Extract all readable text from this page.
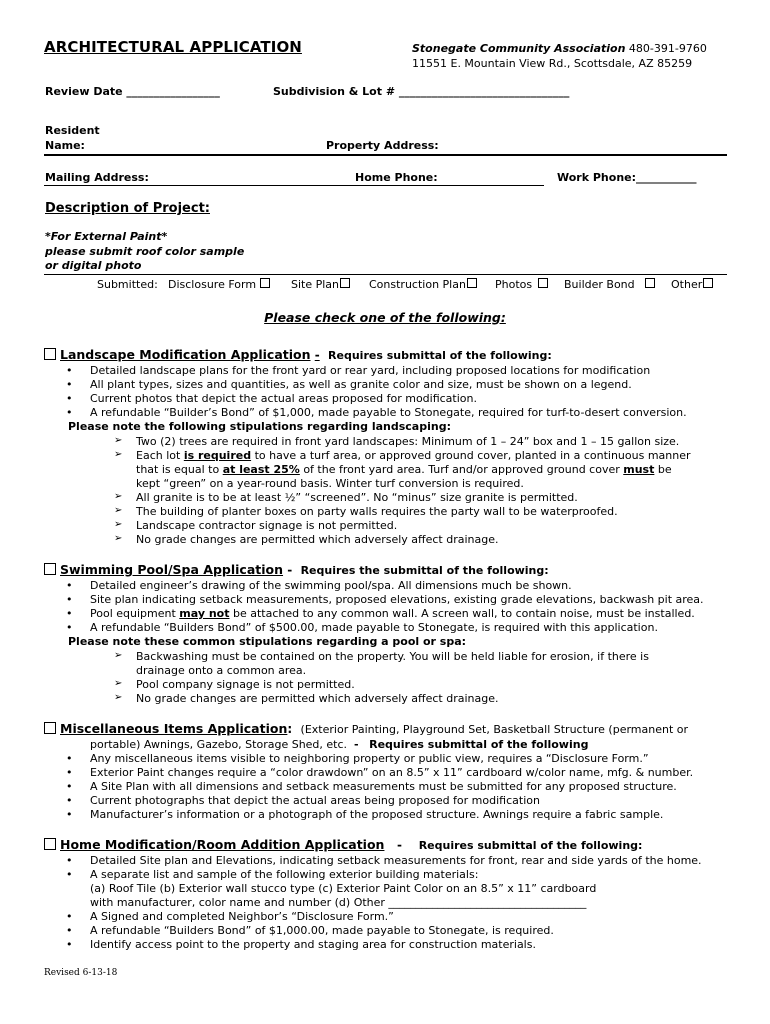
ARCHITECTURAL APPLICATION	Stonegate Community Association 480-391-9760
11551 E. Mountain View Rd., Scottsdale, AZ 85259
Review Date _________________	Subdivision & Lot # _______________________________
Resident
Name:	Property Address:
Mailing Address:	Home Phone:	Work Phone:___________
Description of Project:
*For External Paint*
please submit roof color sample
or digital photo
Submitted: Disclosure Form	Site Plan	Construction Plan	Photos	Builder Bond	Other
Please check one of the following:
Landscape Modification Application - Requires submittal of the following:
• Detailed landscape plans for the front yard or rear yard, including proposed locations for modification
• All plant types, sizes and quantities, as well as granite color and size, must be shown on a legend.
• Current photos that depict the actual areas proposed for modification.
• A refundable “Builder’s Bond” of $1,000, made payable to Stonegate, required for turf-to-desert conversion.
Please note the following stipulations regarding landscaping:
➢ Two (2) trees are required in front yard landscapes: Minimum of 1 – 24” box and 1 – 15 gallon size.
➢ Each lot is required to have a turf area, or approved ground cover, planted in a continuous manner
that is equal to at least 25% of the front yard area. Turf and/or approved ground cover must be
kept “green” on a year-round basis. Winter turf conversion is required.
➢ All granite is to be at least ½” “screened”. No “minus” size granite is permitted.
➢ The building of planter boxes on party walls requires the party wall to be waterproofed.
➢ Landscape contractor signage is not permitted.
➢ No grade changes are permitted which adversely affect drainage.
Swimming Pool/Spa Application - Requires the submittal of the following:
• Detailed engineer’s drawing of the swimming pool/spa. All dimensions much be shown.
• Site plan indicating setback measurements, proposed elevations, existing grade elevations, backwash pit area.
• Pool equipment may not be attached to any common wall. A screen wall, to contain noise, must be installed.
• A refundable “Builders Bond” of $500.00, made payable to Stonegate, is required with this application.
Please note these common stipulations regarding a pool or spa:
➢ Backwashing must be contained on the property. You will be held liable for erosion, if there is
drainage onto a common area.
➢ Pool company signage is not permitted.
➢ No grade changes are permitted which adversely affect drainage.
Miscellaneous Items Application: (Exterior Painting, Playground Set, Basketball Structure (permanent or
portable) Awnings, Gazebo, Storage Shed, etc. - Requires submittal of the following
• Any miscellaneous items visible to neighboring property or public view, requires a “Disclosure Form.”
• Exterior Paint changes require a “color drawdown” on an 8.5” x 11” cardboard w/color name, mfg. & number.
• A Site Plan with all dimensions and setback measurements must be submitted for any proposed structure.
• Current photographs that depict the actual areas being proposed for modification
• Manufacturer’s information or a photograph of the proposed structure. Awnings require a fabric sample.
Home Modification/Room Addition Application - Requires submittal of the following:
• Detailed Site plan and Elevations, indicating setback measurements for front, rear and side yards of the home.
• A separate list and sample of the following exterior building materials:
(a) Roof Tile (b) Exterior wall stucco type (c) Exterior Paint Color on an 8.5” x 11” cardboard
with manufacturer, color name and number (d) Other ____________________________________
• A Signed and completed Neighbor’s “Disclosure Form.”
• A refundable “Builders Bond” of $1,000.00, made payable to Stonegate, is required.
• Identify access point to the property and staging area for construction materials.
Revised 6-13-18
